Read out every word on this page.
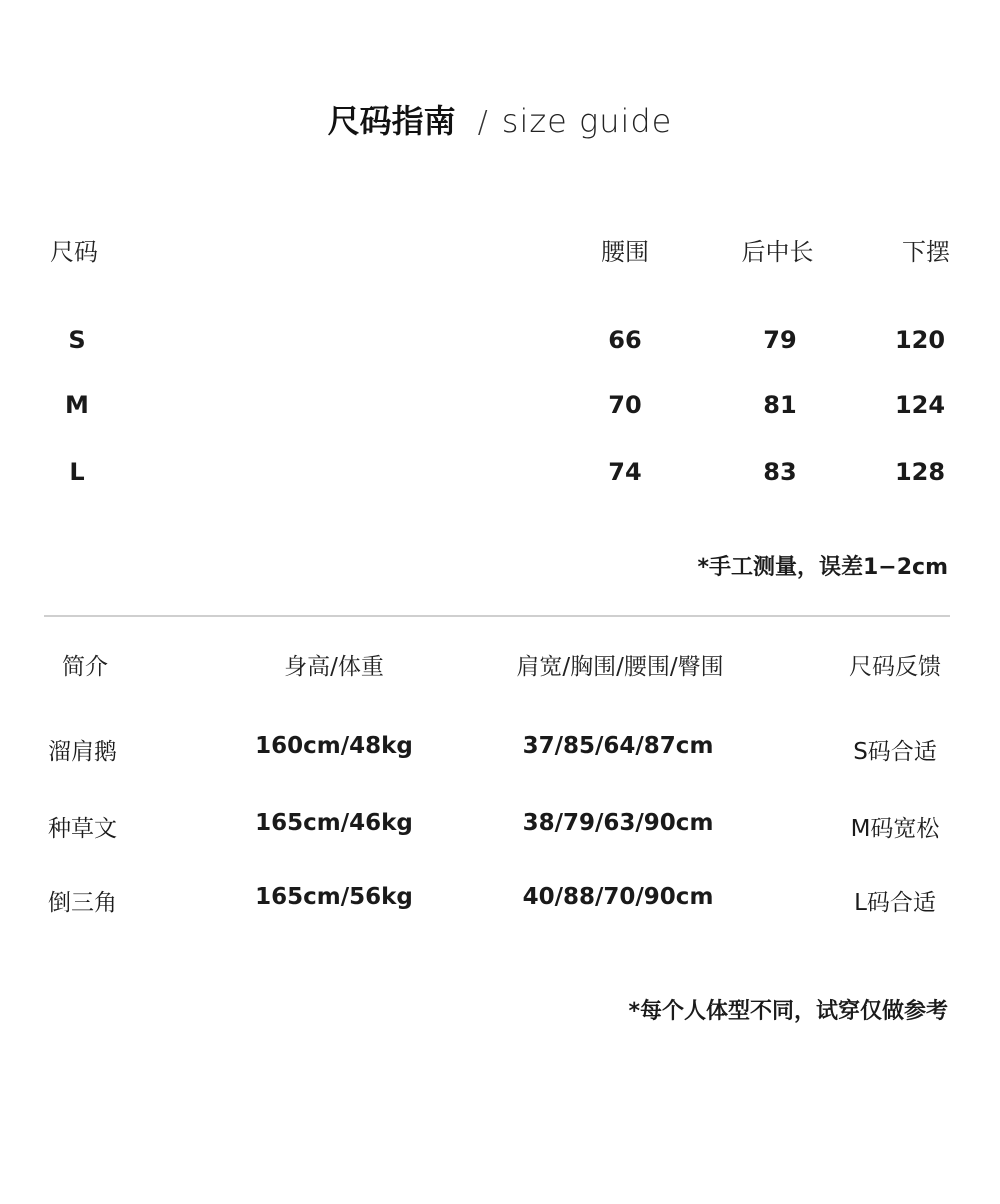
尺码指南 / size guide
尺码	腰围	后中长	下摆
S	66	79	120
M	70	81	124
L	74	83	128
*手工测量，误差1−2cm
简介	身高/体重	肩宽/胸围/腰围/臀围	尺码反馈
溜肩鹅	160cm/48kg	37/85/64/87cm	S码合适
种草文	165cm/46kg	38/79/63/90cm	M码宽松
倒三角	165cm/56kg	40/88/70/90cm	L码合适
*每个人体型不同，试穿仅做参考
